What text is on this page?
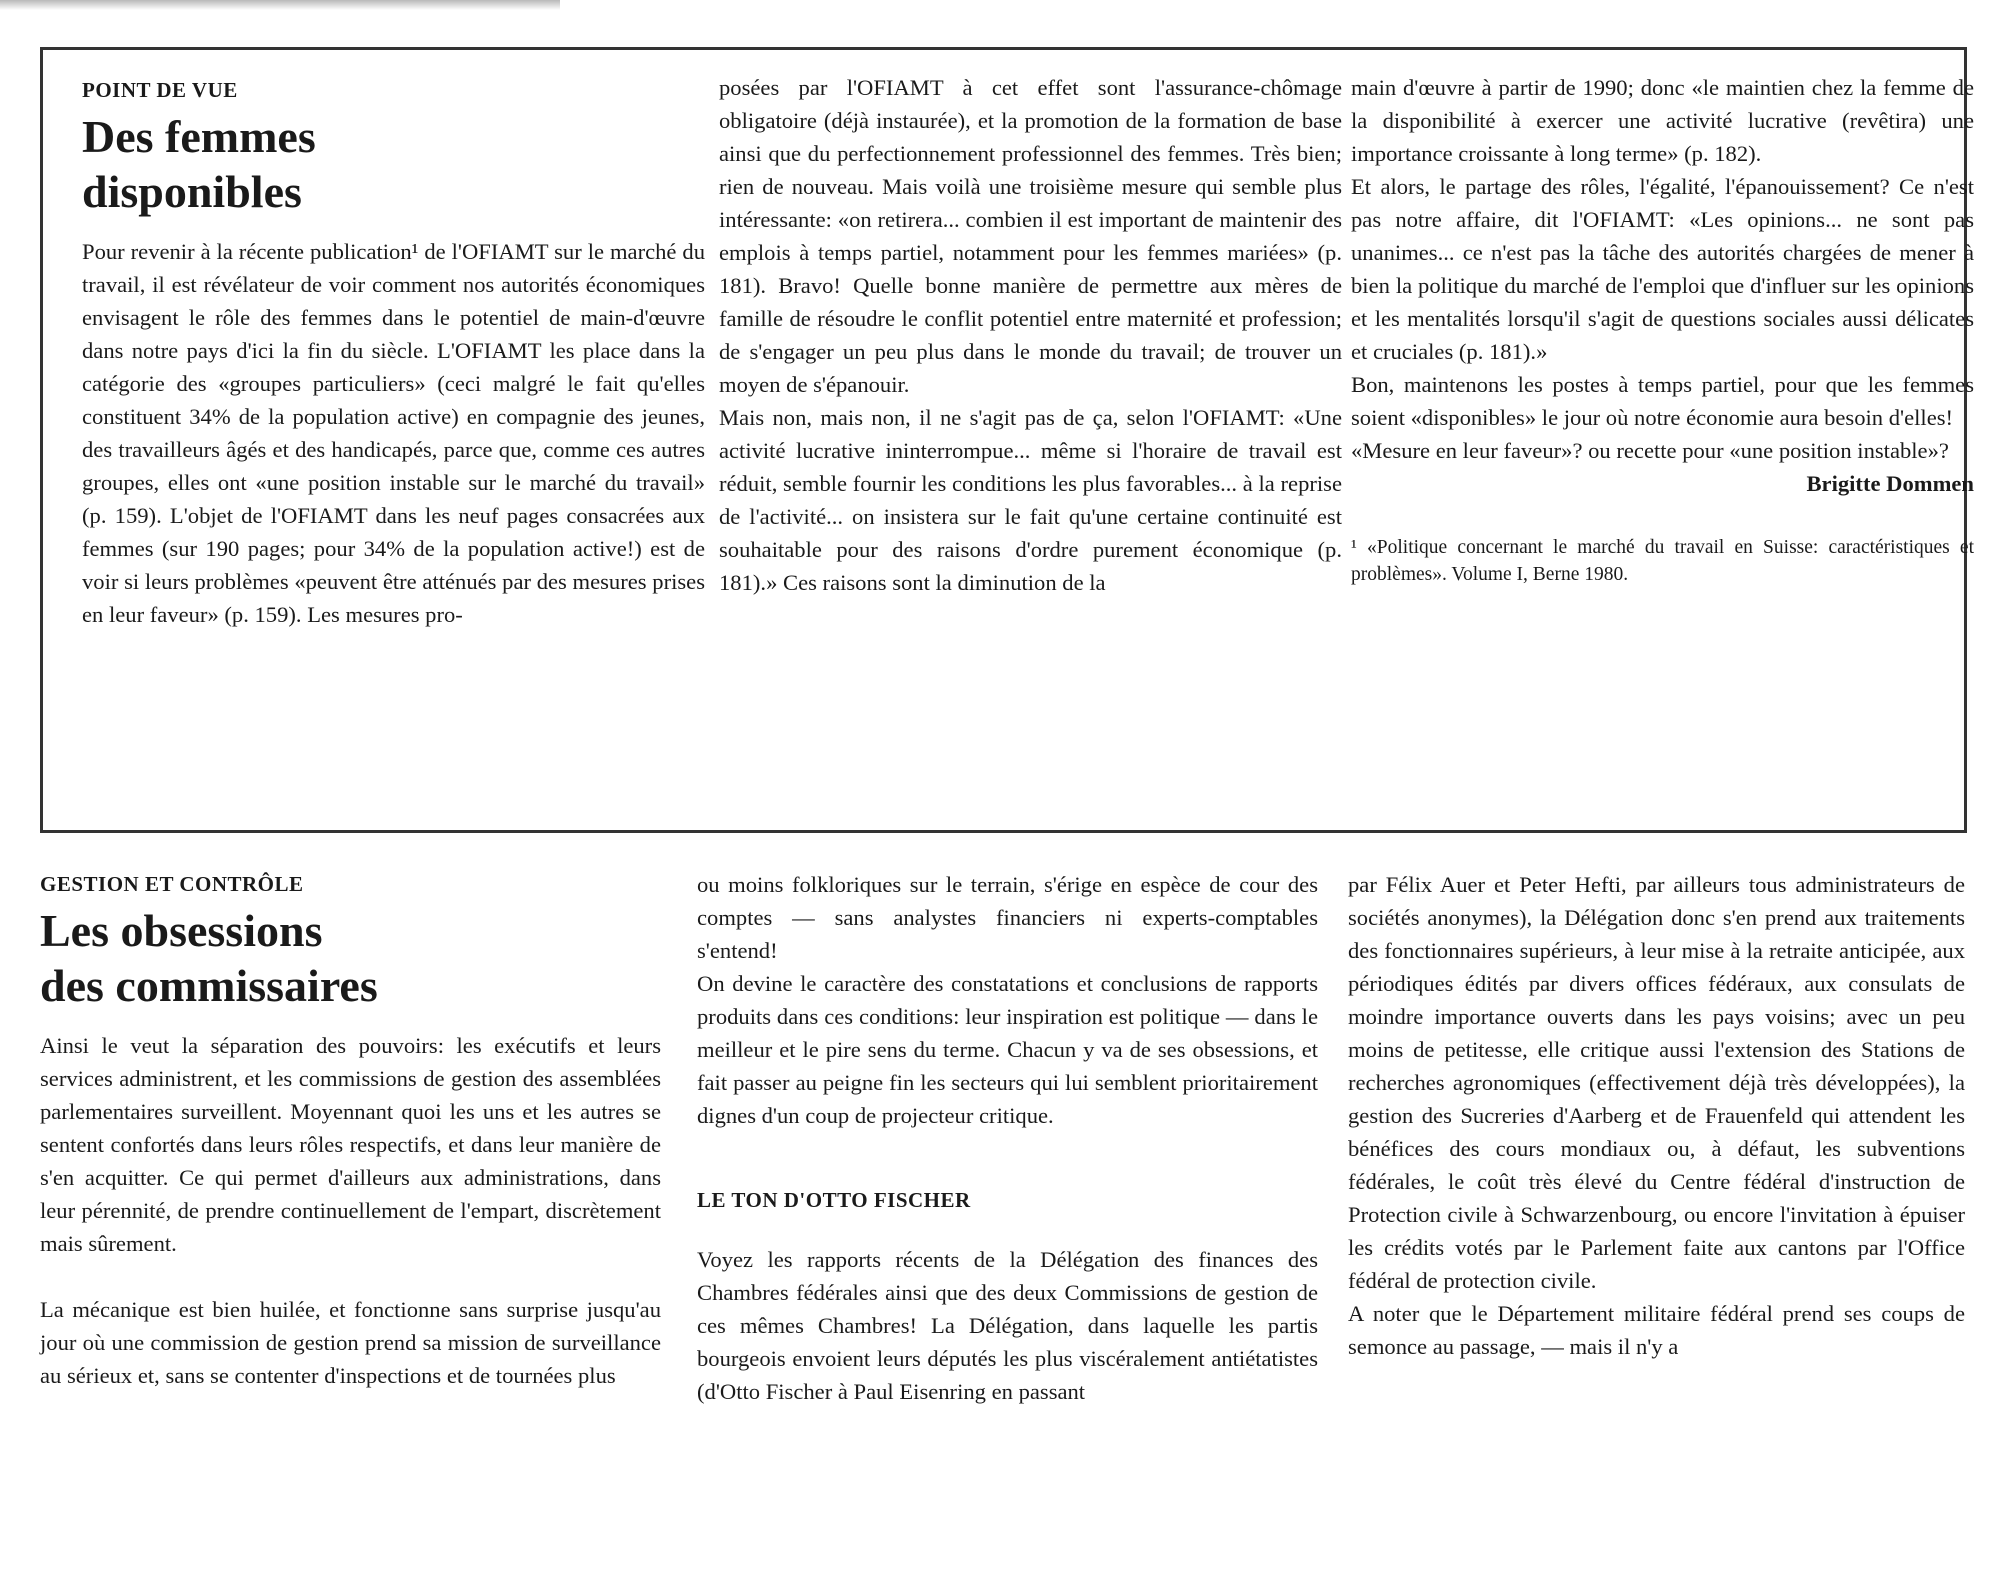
POINT DE VUE

Des femmes
disponibles

Pour revenir à la récente publication¹ de l'OFIAMT sur le marché du travail, il est révélateur de voir comment nos autorités économiques envisagent le rôle des femmes dans le potentiel de main-d'œuvre dans notre pays d'ici la fin du siècle. L'OFIAMT les place dans la catégorie des «groupes particuliers» (ceci malgré le fait qu'elles constituent 34% de la population active) en compagnie des jeunes, des travailleurs âgés et des handicapés, parce que, comme ces autres groupes, elles ont «une position instable sur le marché du travail» (p. 159). L'objet de l'OFIAMT dans les neuf pages consacrées aux femmes (sur 190 pages; pour 34% de la population active!) est de voir si leurs problèmes «peuvent être atténués par des mesures prises en leur faveur» (p. 159). Les mesures pro-

posées par l'OFIAMT à cet effet sont l'assurance-chômage obligatoire (déjà instaurée), et la promotion de la formation de base ainsi que du perfectionnement professionnel des femmes. Très bien; rien de nouveau. Mais voilà une troisième mesure qui semble plus intéressante: «on retirera... combien il est important de maintenir des emplois à temps partiel, notamment pour les femmes mariées» (p. 181). Bravo! Quelle bonne manière de permettre aux mères de famille de résoudre le conflit potentiel entre maternité et profession; de s'engager un peu plus dans le monde du travail; de trouver un moyen de s'épanouir.

Mais non, mais non, il ne s'agit pas de ça, selon l'OFIAMT: «Une activité lucrative ininterrompue... même si l'horaire de travail est réduit, semble fournir les conditions les plus favorables... à la reprise de l'activité... on insistera sur le fait qu'une certaine continuité est souhaitable pour des raisons d'ordre purement économique (p. 181).» Ces raisons sont la diminution de la

main d'œuvre à partir de 1990; donc «le maintien chez la femme de la disponibilité à exercer une activité lucrative (revêtira) une importance croissante à long terme» (p. 182).

Et alors, le partage des rôles, l'égalité, l'épanouissement? Ce n'est pas notre affaire, dit l'OFIAMT: «Les opinions... ne sont pas unanimes... ce n'est pas la tâche des autorités chargées de mener à bien la politique du marché de l'emploi que d'influer sur les opinions et les mentalités lorsqu'il s'agit de questions sociales aussi délicates et cruciales (p. 181).»

Bon, maintenons les postes à temps partiel, pour que les femmes soient «disponibles» le jour où notre économie aura besoin d'elles!

«Mesure en leur faveur»? ou recette pour «une position instable»?

Brigitte Dommen

¹ «Politique concernant le marché du travail en Suisse: caractéristiques et problèmes». Volume I, Berne 1980.

GESTION ET CONTRÔLE

Les obsessions
des commissaires

Ainsi le veut la séparation des pouvoirs: les exécutifs et leurs services administrent, et les commissions de gestion des assemblées parlementaires surveillent. Moyennant quoi les uns et les autres se sentent confortés dans leurs rôles respectifs, et dans leur manière de s'en acquitter. Ce qui permet d'ailleurs aux administrations, dans leur pérennité, de prendre continuellement de l'empart, discrètement mais sûrement.

La mécanique est bien huilée, et fonctionne sans surprise jusqu'au jour où une commission de gestion prend sa mission de surveillance au sérieux et, sans se contenter d'inspections et de tournées plus

ou moins folkloriques sur le terrain, s'érige en espèce de cour des comptes — sans analystes financiers ni experts-comptables s'entend!

On devine le caractère des constatations et conclusions de rapports produits dans ces conditions: leur inspiration est politique — dans le meilleur et le pire sens du terme. Chacun y va de ses obsessions, et fait passer au peigne fin les secteurs qui lui semblent prioritairement dignes d'un coup de projecteur critique.

LE TON D'OTTO FISCHER

Voyez les rapports récents de la Délégation des finances des Chambres fédérales ainsi que des deux Commissions de gestion de ces mêmes Chambres! La Délégation, dans laquelle les partis bourgeois envoient leurs députés les plus viscéralement antiétatistes (d'Otto Fischer à Paul Eisenring en passant

par Félix Auer et Peter Hefti, par ailleurs tous administrateurs de sociétés anonymes), la Délégation donc s'en prend aux traitements des fonctionnaires supérieurs, à leur mise à la retraite anticipée, aux périodiques édités par divers offices fédéraux, aux consulats de moindre importance ouverts dans les pays voisins; avec un peu moins de petitesse, elle critique aussi l'extension des Stations de recherches agronomiques (effectivement déjà très développées), la gestion des Sucreries d'Aarberg et de Frauenfeld qui attendent les bénéfices des cours mondiaux ou, à défaut, les subventions fédérales, le coût très élevé du Centre fédéral d'instruction de Protection civile à Schwarzenbourg, ou encore l'invitation à épuiser les crédits votés par le Parlement faite aux cantons par l'Office fédéral de protection civile.

A noter que le Département militaire fédéral prend ses coups de semonce au passage, — mais il n'y a
